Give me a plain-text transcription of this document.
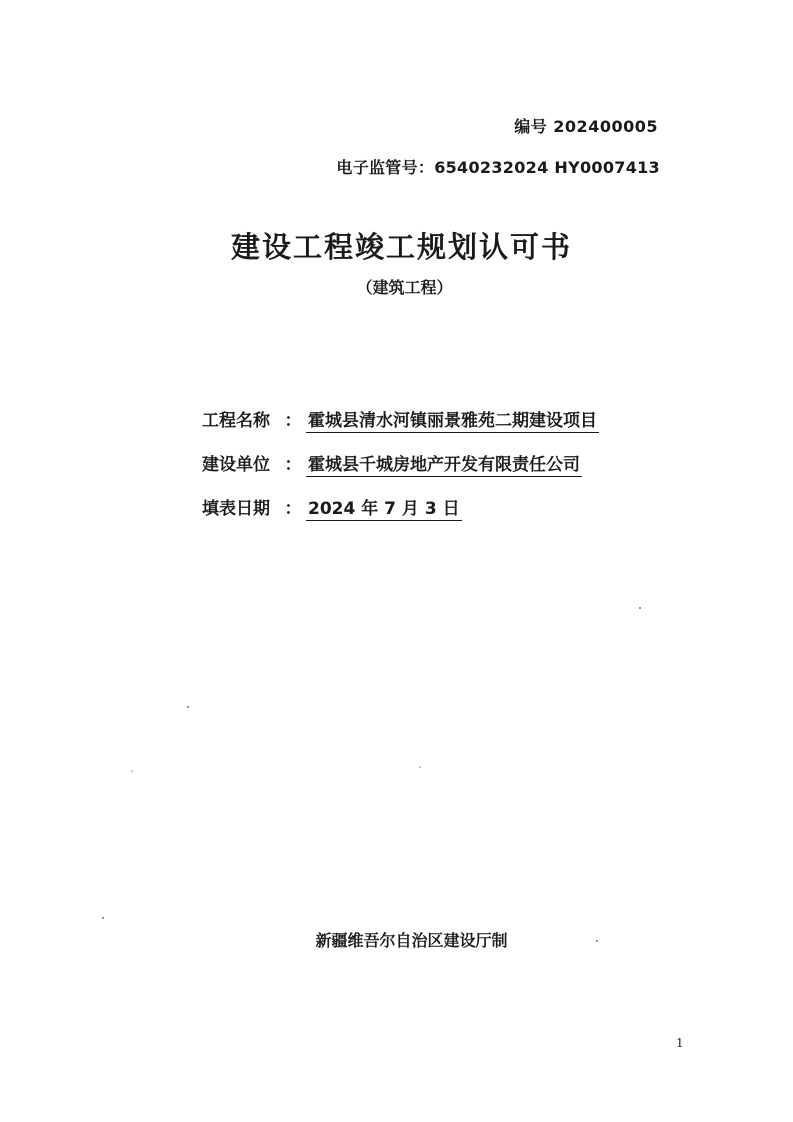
编号 202400005
电子监管号：6540232024 HY0007413
建设工程竣工规划认可书
（建筑工程）
工程名称 ： 霍城县清水河镇丽景雅苑二期建设项目
建设单位 ： 霍城县千城房地产开发有限责任公司
填表日期 ： 2024 年 7 月 3 日
新疆维吾尔自治区建设厅制
1
